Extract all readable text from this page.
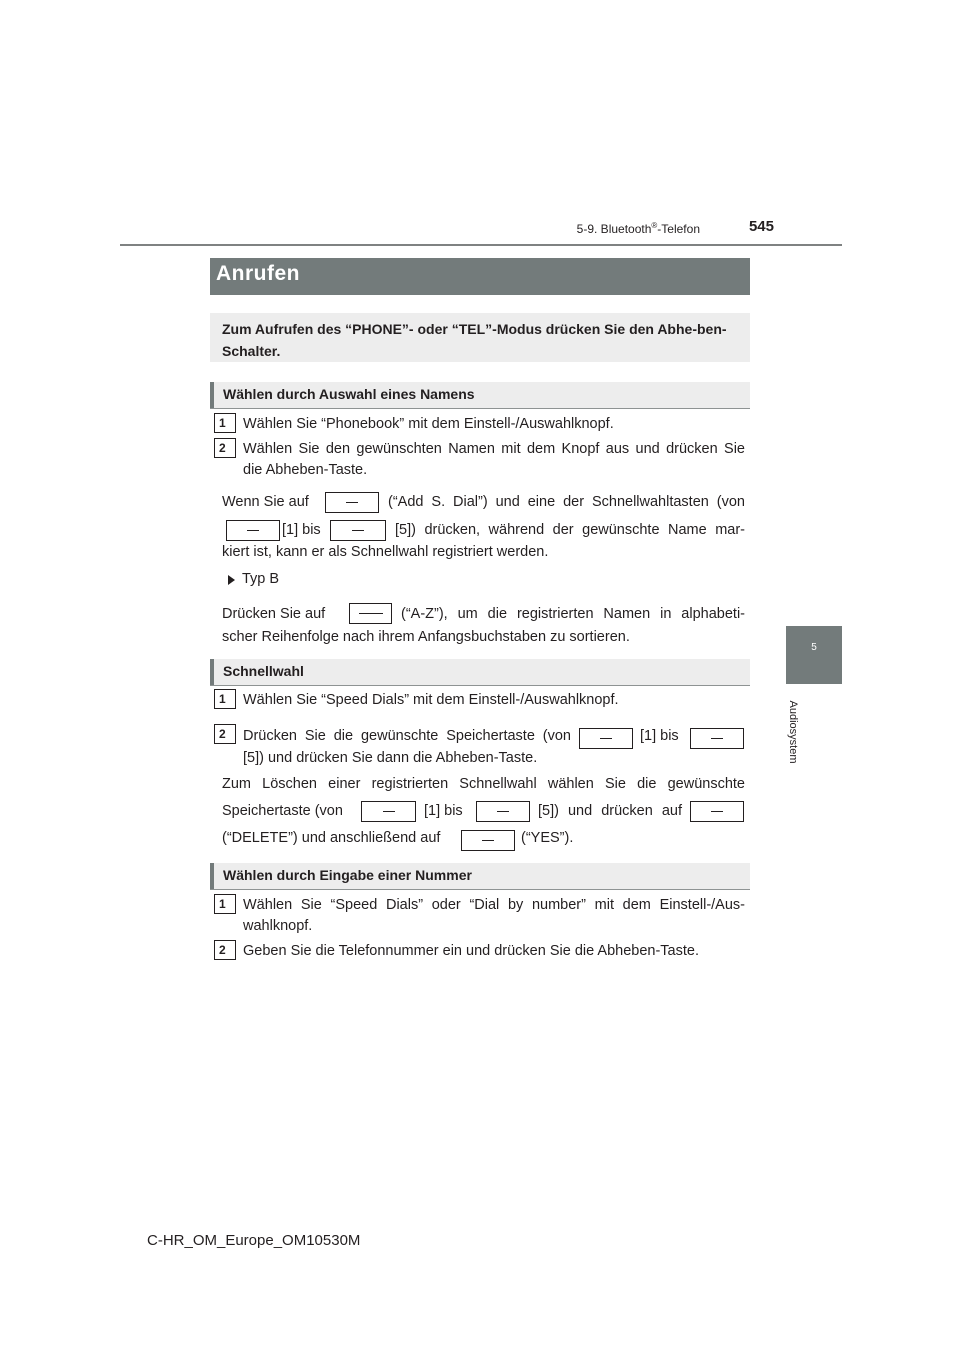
5-9. Bluetooth®-Telefon	545
5
Audiosystem
Anrufen

Zum Aufrufen des “PHONE”- oder “TEL”-Modus drücken Sie den Abhe-ben-Schalter.

Wählen durch Auswahl eines Namens
1	Wählen Sie “Phonebook” mit dem Einstell-/Auswahlknopf.
2	Wählen Sie den gewünschten Namen mit dem Knopf aus und drücken Sie
die Abheben-Taste.
Wenn Sie auf	(“Add S. Dial”) und eine der Schnellwahltasten (von
[1] bis	[5]) drücken, während der gewünschte Name mar-
kiert ist, kann er als Schnellwahl registriert werden.
Typ B
Drücken Sie auf	(“A-Z”), um die registrierten Namen in alphabeti-
scher Reihenfolge nach ihrem Anfangsbuchstaben zu sortieren.
Schnellwahl
1	Wählen Sie “Speed Dials” mit dem Einstell-/Auswahlknopf.
2	Drücken Sie die gewünschte Speichertaste (von	[1] bis
[5]) und drücken Sie dann die Abheben-Taste.
Zum Löschen einer registrierten Schnellwahl wählen Sie die gewünschte
Speichertaste (von	[1] bis	[5]) und drücken auf
(“DELETE”) und anschließend auf	(“YES”).
Wählen durch Eingabe einer Nummer
1	Wählen Sie “Speed Dials” oder “Dial by number” mit dem Einstell-/Aus-
wahlknopf.
2	Geben Sie die Telefonnummer ein und drücken Sie die Abheben-Taste.
C-HR_OM_Europe_OM10530M
